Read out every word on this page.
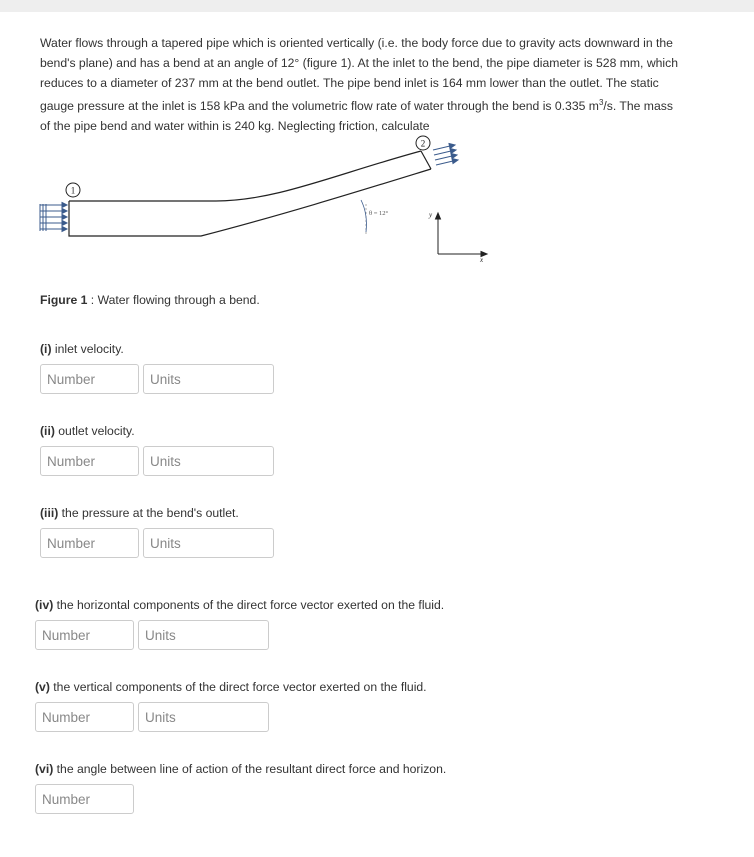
Water flows through a tapered pipe which is oriented vertically (i.e. the body force due to gravity acts downward in the bend's plane) and has a bend at an angle of 12° (figure 1). At the inlet to the bend, the pipe diameter is 528 mm, which reduces to a diameter of 237 mm at the bend outlet. The pipe bend inlet is 164 mm lower than the outlet. The static gauge pressure at the inlet is 158 kPa and the volumetric flow rate of water through the bend is 0.335 $m^3/s$. The mass of the pipe bend and water within is 240 kg. Neglecting friction, calculate
1
2
θ = 12°	y
x
Figure 1 : Water flowing through a bend.
(i) inlet velocity.
Number	Units
(ii) outlet velocity.
Number	Units
(iii) the pressure at the bend's outlet.
Number	Units
(iv) the horizontal components of the direct force vector exerted on the fluid.
Number	Units
(v) the vertical components of the direct force vector exerted on the fluid.
Number	Units
(vi) the angle between line of action of the resultant direct force and horizon.
Number
